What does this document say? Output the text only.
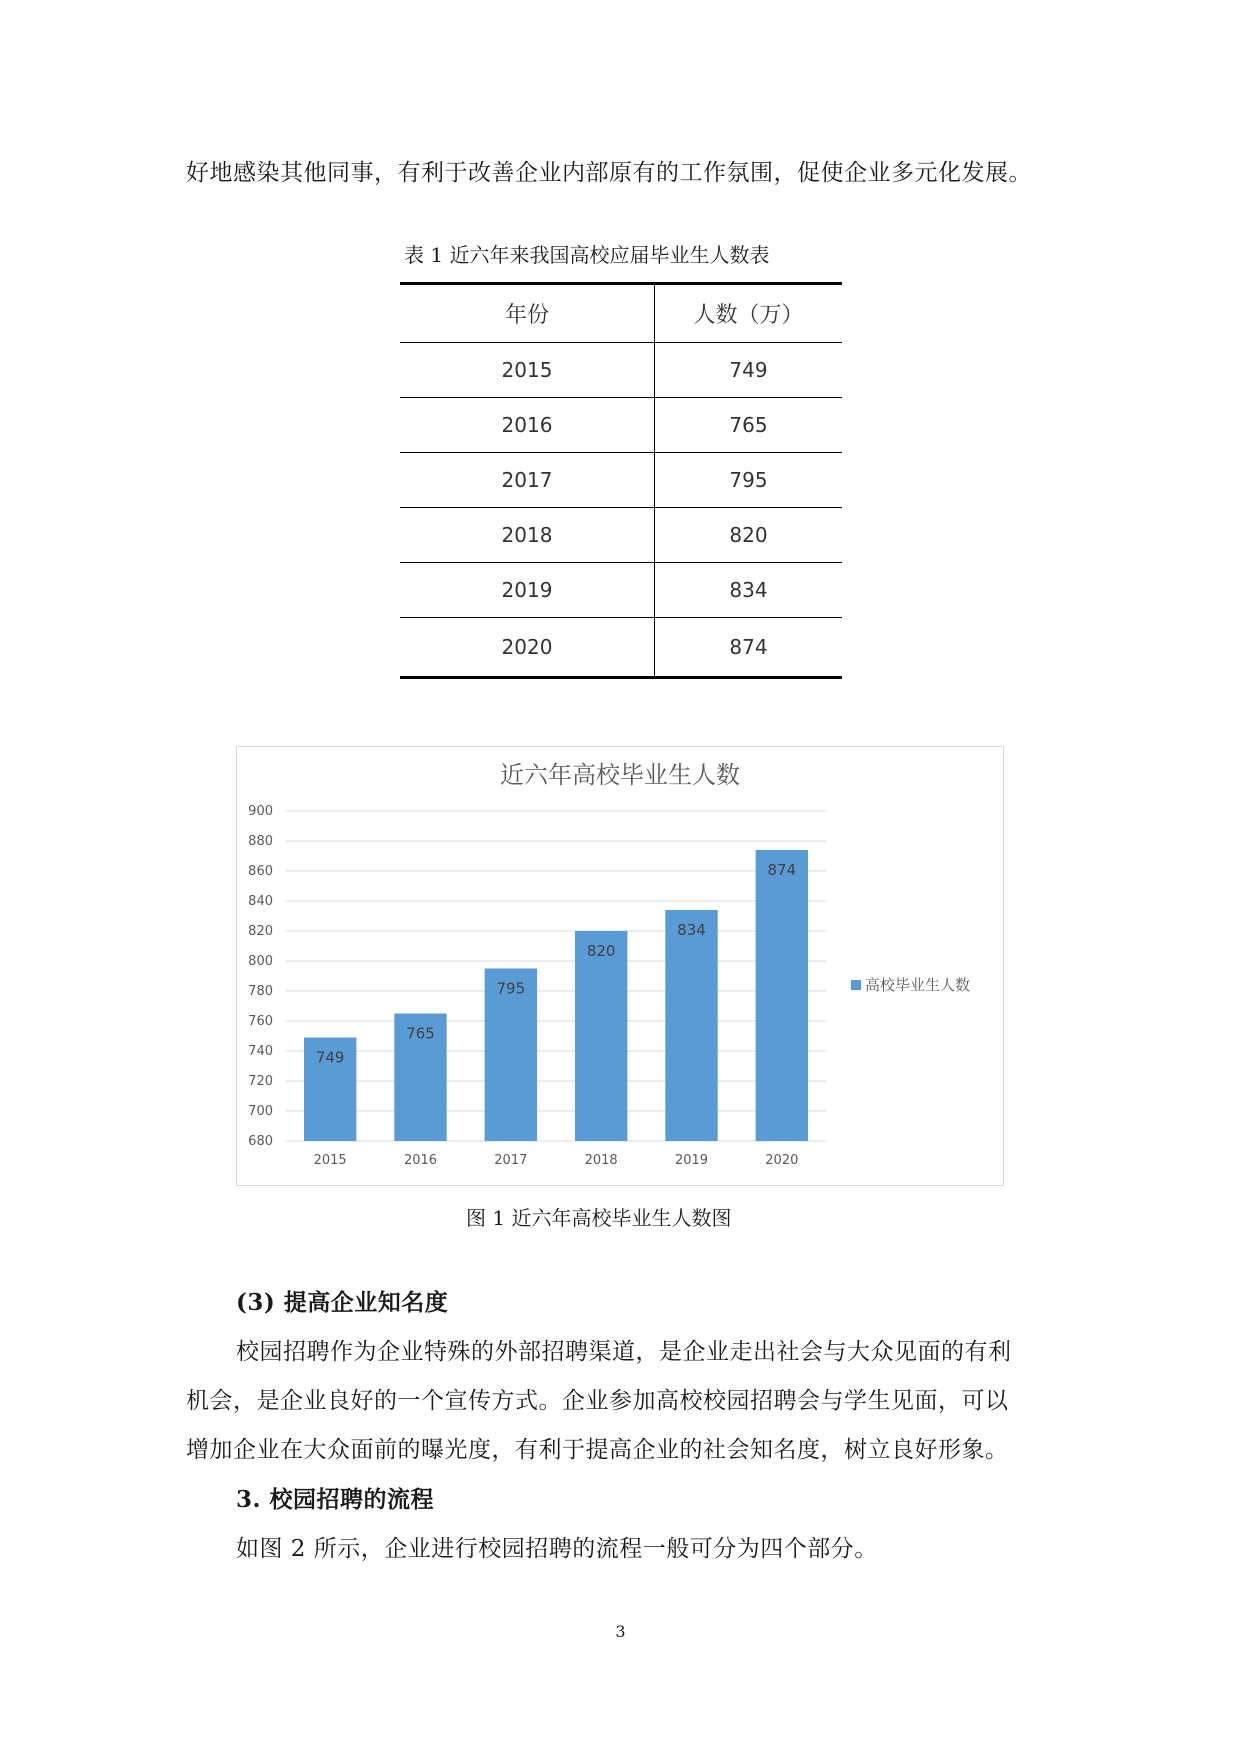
好地感染其他同事，有利于改善企业内部原有的工作氛围，促使企业多元化发展。
表 1 近六年来我国高校应届毕业生人数表
年份	人数（万）
2015	749
2016	765
2017	795
2018	820
2019	834
2020	874
近六年高校毕业生人数
680
700
720
740
760
780
800
820
840
860
880
900
749
765
795
820
834
874
2015	2016	2017	2018	2019	2020
高校毕业生人数
图 1 近六年高校毕业生人数图
(3) 提高企业知名度
校园招聘作为企业特殊的外部招聘渠道，是企业走出社会与大众见面的有利
机会，是企业良好的一个宣传方式。企业参加高校校园招聘会与学生见面，可以
增加企业在大众面前的曝光度，有利于提高企业的社会知名度，树立良好形象。
3. 校园招聘的流程
如图 2 所示，企业进行校园招聘的流程一般可分为四个部分。
3
